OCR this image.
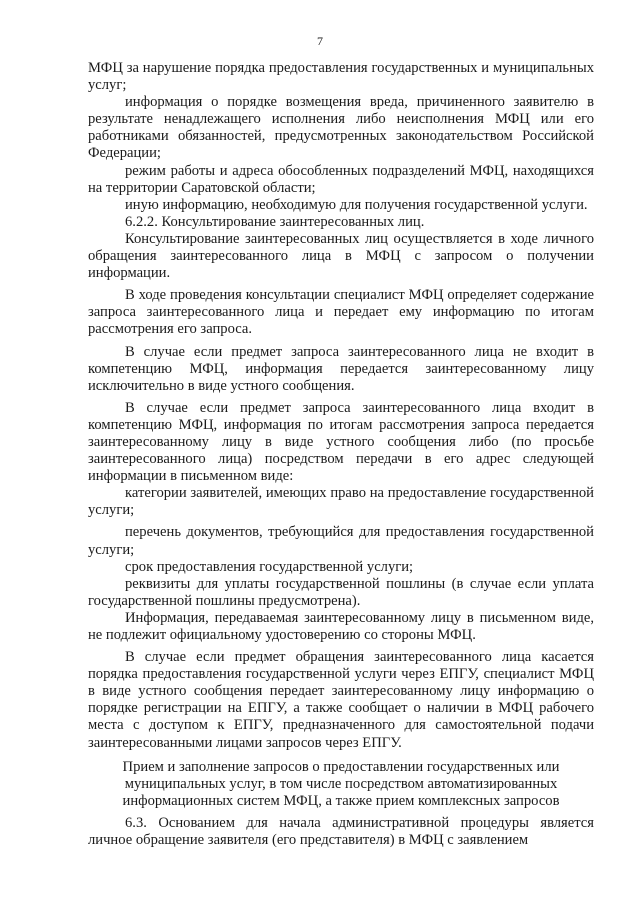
7

МФЦ за нарушение порядка предоставления государственных и муниципальных услуг;

информация о порядке возмещения вреда, причиненного заявителю в результате ненадлежащего исполнения либо неисполнения МФЦ или его работниками обязанностей, предусмотренных законодательством Российской Федерации;

режим работы и адреса обособленных подразделений МФЦ, находящихся на территории Саратовской области;

иную информацию, необходимую для получения государственной услуги.

6.2.2. Консультирование заинтересованных лиц.

Консультирование заинтересованных лиц осуществляется в ходе личного обращения заинтересованного лица в МФЦ с запросом о получении информации.

В ходе проведения консультации специалист МФЦ определяет содержание запроса заинтересованного лица и передает ему информацию по итогам рассмотрения его запроса.

В случае если предмет запроса заинтересованного лица не входит в компетенцию МФЦ, информация передается заинтересованному лицу исключительно в виде устного сообщения.

В случае если предмет запроса заинтересованного лица входит в компетенцию МФЦ, информация по итогам рассмотрения запроса передается заинтересованному лицу в виде устного сообщения либо (по просьбе заинтересованного лица) посредством передачи в его адрес следующей информации в письменном виде:

категории заявителей, имеющих право на предоставление государственной услуги;

перечень документов, требующийся для предоставления государственной услуги;

срок предоставления государственной услуги;

реквизиты для уплаты государственной пошлины (в случае если уплата государственной пошлины предусмотрена).

Информация, передаваемая заинтересованному лицу в письменном виде, не подлежит официальному удостоверению со стороны МФЦ.

В случае если предмет обращения заинтересованного лица касается порядка предоставления государственной услуги через ЕПГУ, специалист МФЦ в виде устного сообщения передает заинтересованному лицу информацию о порядке регистрации на ЕПГУ, а также сообщает о наличии в МФЦ рабочего места с доступом к ЕПГУ, предназначенного для самостоятельной подачи заинтересованными лицами запросов через ЕПГУ.

Прием и заполнение запросов о предоставлении государственных или муниципальных услуг, в том числе посредством автоматизированных информационных систем МФЦ, а также прием комплексных запросов

6.3. Основанием для начала административной процедуры является личное обращение заявителя (его представителя) в МФЦ с заявлением
